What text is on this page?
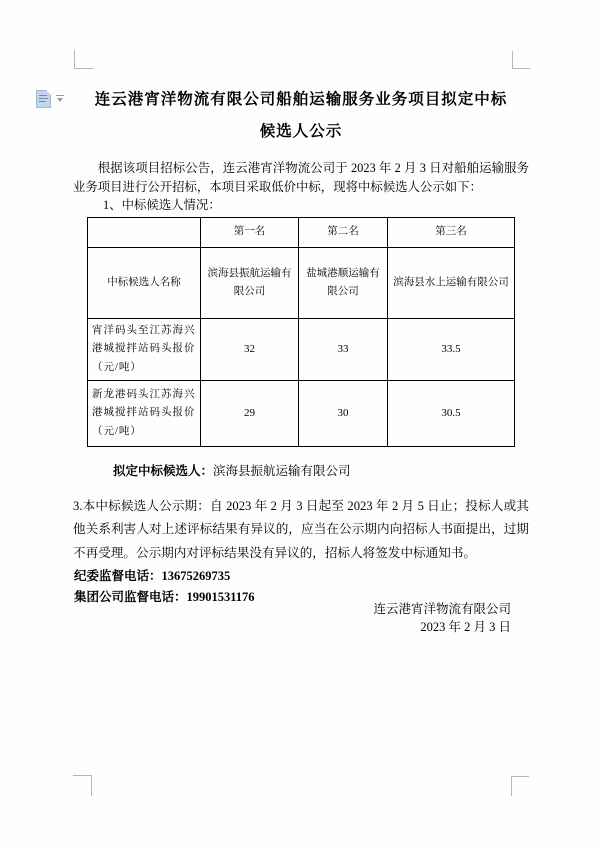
连云港宵洋物流有限公司船舶运输服务业务项目拟定中标
候选人公示

根据该项目招标公告，连云港宵洋物流公司于 2023 年 2 月 3 日对船舶运输服务业务项目进行公开招标，本项目采取低价中标，现将中标候选人公示如下：

1、中标候选人情况：

	第一名	第二名	第三名
中标候选人名称	滨海县振航运输有限公司	盐城港顺运输有限公司	滨海县水上运输有限公司
宵洋码头至江苏海兴港城搅拌站码头报价（元/吨）	32	33	33.5
新龙港码头江苏海兴港城搅拌站码头报价（元/吨）	29	30	30.5
拟定中标候选人：滨海县振航运输有限公司

3.本中标候选人公示期：自 2023 年 2 月 3 日起至 2023 年 2 月 5 日止；投标人或其他关系利害人对上述评标结果有异议的，应当在公示期内向招标人书面提出，过期不再受理。公示期内对评标结果没有异议的，招标人将签发中标通知书。

纪委监督电话：13675269735
集团公司监督电话：19901531176
连云港宵洋物流有限公司
2023 年 2 月 3 日
